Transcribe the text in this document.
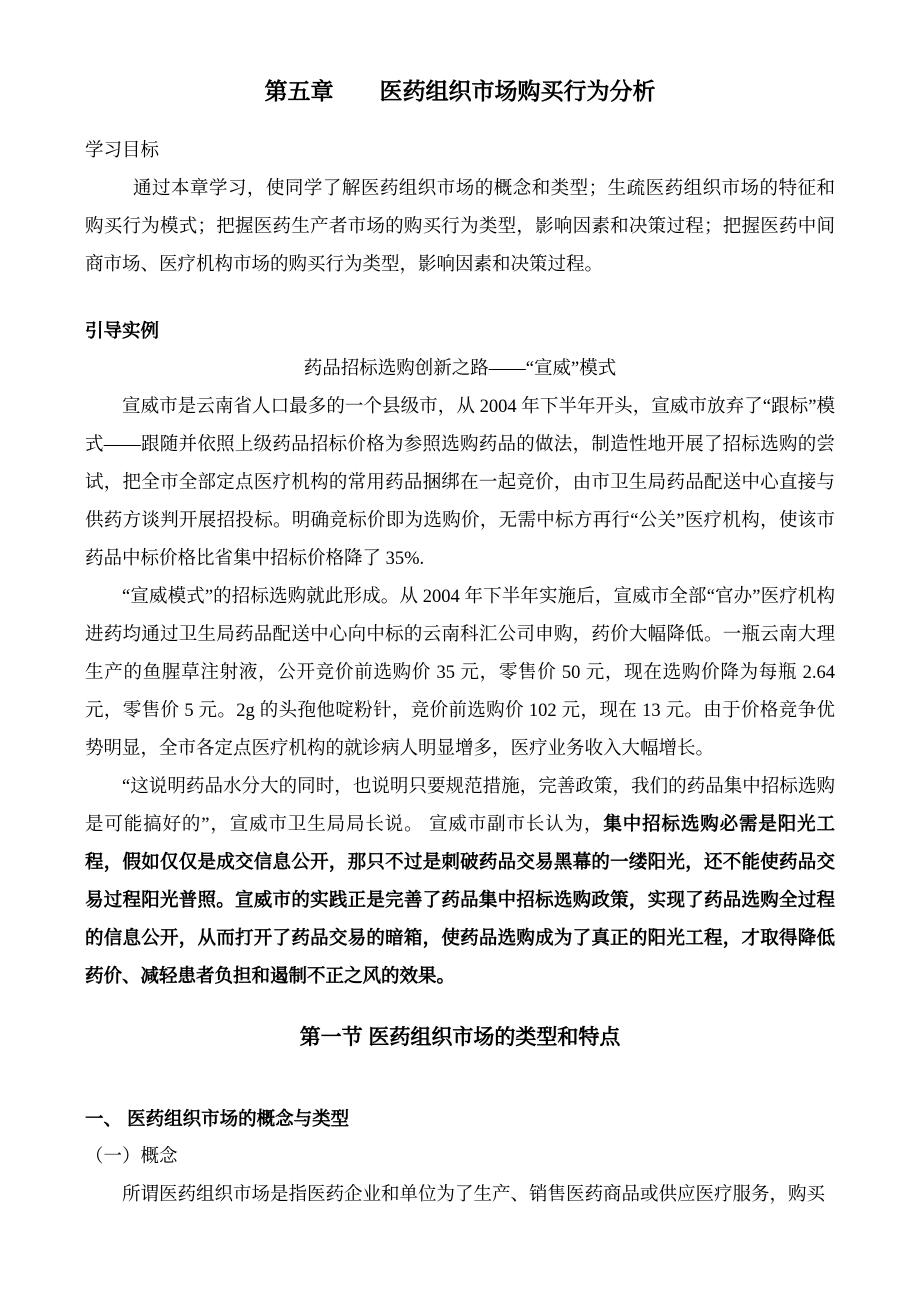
第五章　　医药组织市场购买行为分析

学习目标

通过本章学习，使同学了解医药组织市场的概念和类型；生疏医药组织市场的特征和购买行为模式；把握医药生产者市场的购买行为类型，影响因素和决策过程；把握医药中间商市场、医疗机构市场的购买行为类型，影响因素和决策过程。

引导实例

药品招标选购创新之路——“宣威”模式

宣威市是云南省人口最多的一个县级市，从 2004 年下半年开头，宣威市放弃了“跟标”模式——跟随并依照上级药品招标价格为参照选购药品的做法，制造性地开展了招标选购的尝试，把全市全部定点医疗机构的常用药品捆绑在一起竞价，由市卫生局药品配送中心直接与供药方谈判开展招投标。明确竞标价即为选购价，无需中标方再行“公关”医疗机构，使该市药品中标价格比省集中招标价格降了 35%.

“宣威模式”的招标选购就此形成。从 2004 年下半年实施后，宣威市全部“官办”医疗机构进药均通过卫生局药品配送中心向中标的云南科汇公司申购，药价大幅降低。一瓶云南大理生产的鱼腥草注射液，公开竞价前选购价 35 元，零售价 50 元，现在选购价降为每瓶 2.64 元，零售价 5 元。2g 的头孢他啶粉针，竞价前选购价 102 元，现在 13 元。由于价格竞争优势明显，全市各定点医疗机构的就诊病人明显增多，医疗业务收入大幅增长。

“这说明药品水分大的同时，也说明只要规范措施，完善政策，我们的药品集中招标选购是可能搞好的”，宣威市卫生局局长说。 宣威市副市长认为，集中招标选购必需是阳光工程，假如仅仅是成交信息公开，那只不过是刺破药品交易黑幕的一缕阳光，还不能使药品交易过程阳光普照。宣威市的实践正是完善了药品集中招标选购政策，实现了药品选购全过程的信息公开，从而打开了药品交易的暗箱，使药品选购成为了真正的阳光工程，才取得降低药价、减轻患者负担和遏制不正之风的效果。

第一节 医药组织市场的类型和特点
一、 医药组织市场的概念与类型

（一）概念

所谓医药组织市场是指医药企业和单位为了生产、销售医药商品或供应医疗服务，购买
